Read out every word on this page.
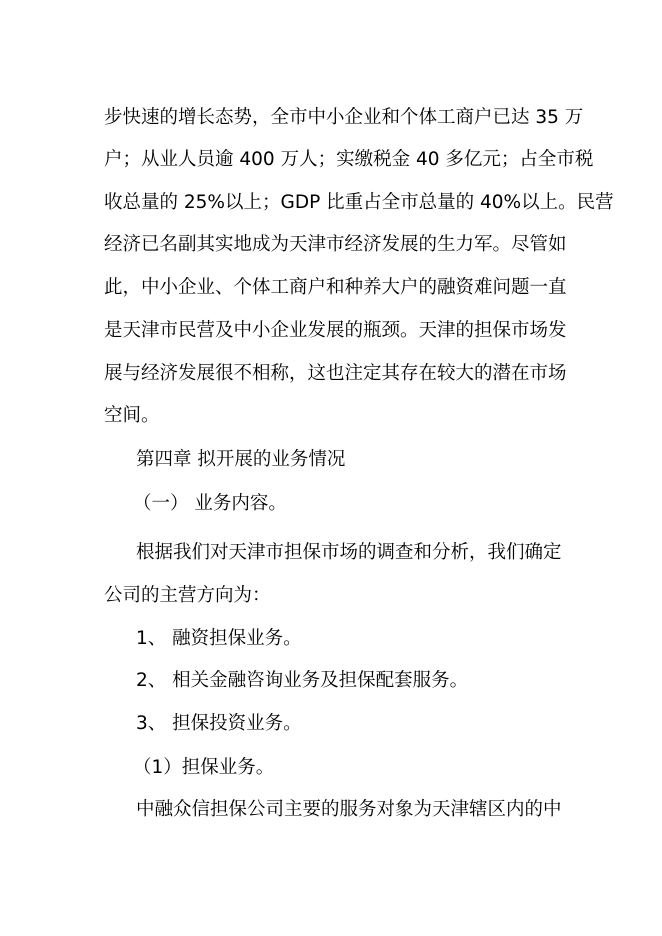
步快速的增长态势，全市中小企业和个体工商户已达 35 万
户；从业人员逾 400 万人；实缴税金 40 多亿元；占全市税
收总量的 25%以上；GDP 比重占全市总量的 40%以上。民营
经济已名副其实地成为天津市经济发展的生力军。尽管如
此，中小企业、个体工商户和种养大户的融资难问题一直
是天津市民营及中小企业发展的瓶颈。天津的担保市场发
展与经济发展很不相称，这也注定其存在较大的潜在市场
空间。
第四章 拟开展的业务情况
（一） 业务内容。
根据我们对天津市担保市场的调查和分析，我们确定
公司的主营方向为：
1、 融资担保业务。
2、 相关金融咨询业务及担保配套服务。
3、 担保投资业务。
（1）担保业务。
中融众信担保公司主要的服务对象为天津辖区内的中
